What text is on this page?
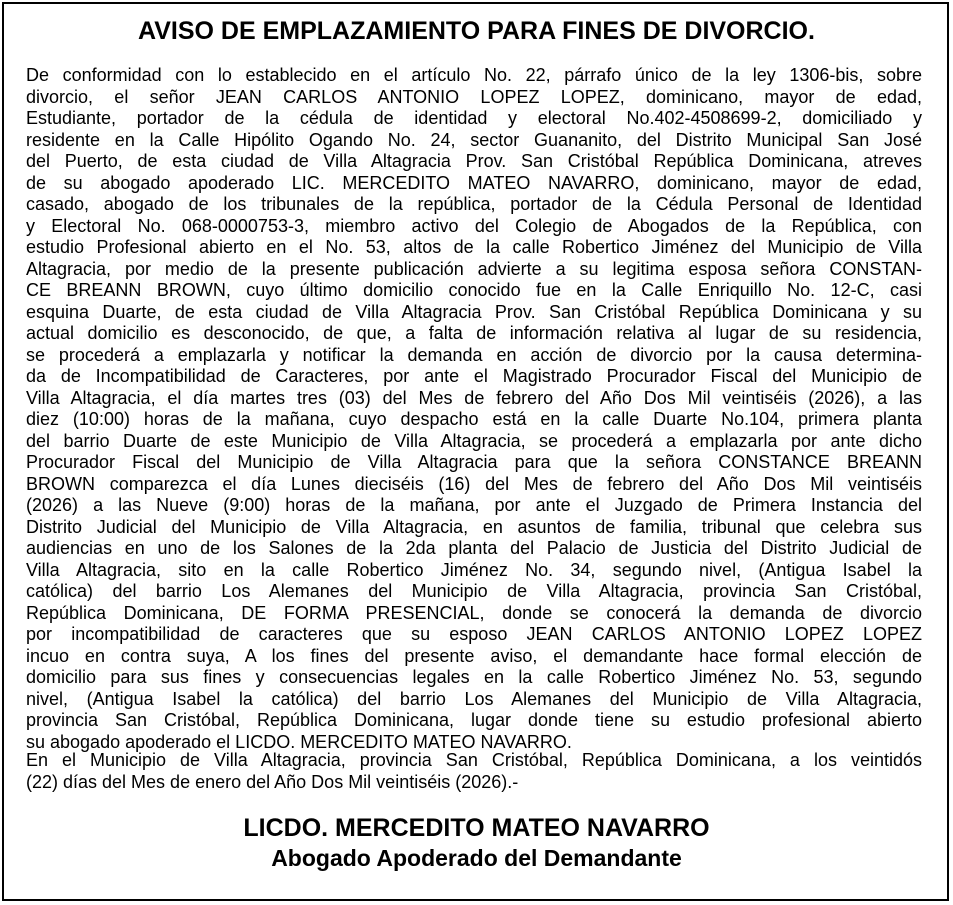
AVISO DE EMPLAZAMIENTO PARA FINES DE DIVORCIO.
De conformidad con lo establecido en el artículo No. 22, párrafo único de la ley 1306-bis, sobre
divorcio, el señor JEAN CARLOS ANTONIO LOPEZ LOPEZ, dominicano, mayor de edad,
Estudiante, portador de la cédula de identidad y electoral No.402-4508699-2, domiciliado y
residente en la Calle Hipólito Ogando No. 24, sector Guananito, del Distrito Municipal San José
del Puerto, de esta ciudad de Villa Altagracia Prov. San Cristóbal República Dominicana, atreves
de su abogado apoderado LIC. MERCEDITO MATEO NAVARRO, dominicano, mayor de edad,
casado, abogado de los tribunales de la república, portador de la Cédula Personal de Identidad
y Electoral No. 068-0000753-3, miembro activo del Colegio de Abogados de la República, con
estudio Profesional abierto en el No. 53, altos de la calle Robertico Jiménez del Municipio de Villa
Altagracia, por medio de la presente publicación advierte a su legitima esposa señora CONSTAN-
CE BREANN BROWN, cuyo último domicilio conocido fue en la Calle Enriquillo No. 12-C, casi
esquina Duarte, de esta ciudad de Villa Altagracia Prov. San Cristóbal República Dominicana y su
actual domicilio es desconocido, de que, a falta de información relativa al lugar de su residencia,
se procederá a emplazarla y notificar la demanda en acción de divorcio por la causa determina-
da de Incompatibilidad de Caracteres, por ante el Magistrado Procurador Fiscal del Municipio de
Villa Altagracia, el día martes tres (03) del Mes de febrero del Año Dos Mil veintiséis (2026), a las
diez (10:00) horas de la mañana, cuyo despacho está en la calle Duarte No.104, primera planta
del barrio Duarte de este Municipio de Villa Altagracia, se procederá a emplazarla por ante dicho
Procurador Fiscal del Municipio de Villa Altagracia para que la señora CONSTANCE BREANN
BROWN comparezca el día Lunes dieciséis (16) del Mes de febrero del Año Dos Mil veintiséis
(2026) a las Nueve (9:00) horas de la mañana, por ante el Juzgado de Primera Instancia del
Distrito Judicial del Municipio de Villa Altagracia, en asuntos de familia, tribunal que celebra sus
audiencias en uno de los Salones de la 2da planta del Palacio de Justicia del Distrito Judicial de
Villa Altagracia, sito en la calle Robertico Jiménez No. 34, segundo nivel, (Antigua Isabel la
católica) del barrio Los Alemanes del Municipio de Villa Altagracia, provincia San Cristóbal,
República Dominicana, DE FORMA PRESENCIAL, donde se conocerá la demanda de divorcio
por incompatibilidad de caracteres que su esposo JEAN CARLOS ANTONIO LOPEZ LOPEZ
incuo en contra suya, A los fines del presente aviso, el demandante hace formal elección de
domicilio para sus fines y consecuencias legales en la calle Robertico Jiménez No. 53, segundo
nivel, (Antigua Isabel la católica) del barrio Los Alemanes del Municipio de Villa Altagracia,
provincia San Cristóbal, República Dominicana, lugar donde tiene su estudio profesional abierto
su abogado apoderado el LICDO. MERCEDITO MATEO NAVARRO.
En el Municipio de Villa Altagracia, provincia San Cristóbal, República Dominicana, a los veintidós
(22) días del Mes de enero del Año Dos Mil veintiséis (2026).-
LICDO. MERCEDITO MATEO NAVARRO
Abogado Apoderado del Demandante
